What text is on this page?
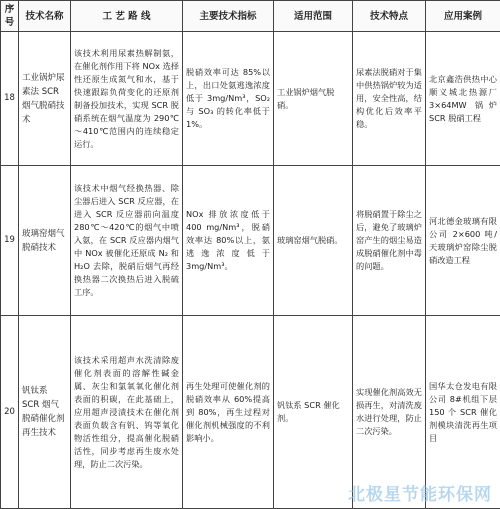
序号	技术名称	工 艺 路 线	主要技术指标	适用范围	技术特点	应用案例
18	工业锅炉尿素法 SCR 烟气脱硝技术	该技术利用尿素热解制氨，在催化剂作用下将 NOx 选择性还原生成氮气和水，基于快速跟踪负荷变化的还原剂制备投加技术，实现 SCR 脱硝系统在烟气温度为 290℃～410℃范围内的连续稳定运行。	脱硝效率可达 85%以上，出口处氨逃逸浓度低于 3mg/Nm³，SO₂ 与 SO₃ 的转化率低于 1%。	工业锅炉烟气脱硝。	尿素法脱硝对于集中供热锅炉较为适用，安全性高，结构优化后效率平稳。	北京鑫浩供热中心顺义城北热源厂 3×64MW 锅炉 SCR 脱硝工程
19	玻璃窑烟气脱硝技术	该技术中烟气经换热器、除尘器后进入 SCR 反应器，在进入 SCR 反应器前向温度 280℃～420℃的烟气中喷入氨，在 SCR 反应器内烟气中 NOx 被催化还原成 N₂ 和 H₂O 去除，脱硝后烟气再经换热器二次换热后进入脱硫工序。	NOx 排放浓度低于 400 mg/Nm³，脱硝效率达 80%以上，氨逃逸浓度低于 3mg/Nm³。	玻璃窑烟气脱硝。	将脱硝置于除尘之后，避免了玻璃炉窑产生的烟尘易造成脱硝催化剂中毒的问题。	河北德金玻璃有限公司 2×600 吨/天玻璃炉窑除尘脱硝改造工程
20	钒钛系 SCR 烟气脱硝催化剂再生技术	该技术采用超声水洗清除废催化剂表面的溶解性碱金属、灰尘和氯氧氧化催化剂表面的积碳，在此基础上，应用超声浸渍技术在催化剂表面负载含有钒、钨等氧化物活性组分，提高催化脱硝活性，同步考虑再生废水处理，防止二次污染。	再生处理可使催化剂的脱硝效率从 60%提高到 80%，再生过程对催化剂机械强度的不利影响小。	钒钛系 SCR 催化剂。	实现催化剂高效无损再生，对清洗废水进行处理，防止二次污染。	国华太仓发电有限公司 8#机组下层 150 个 SCR 催化剂模块清洗再生项目
北极星节能环保网
